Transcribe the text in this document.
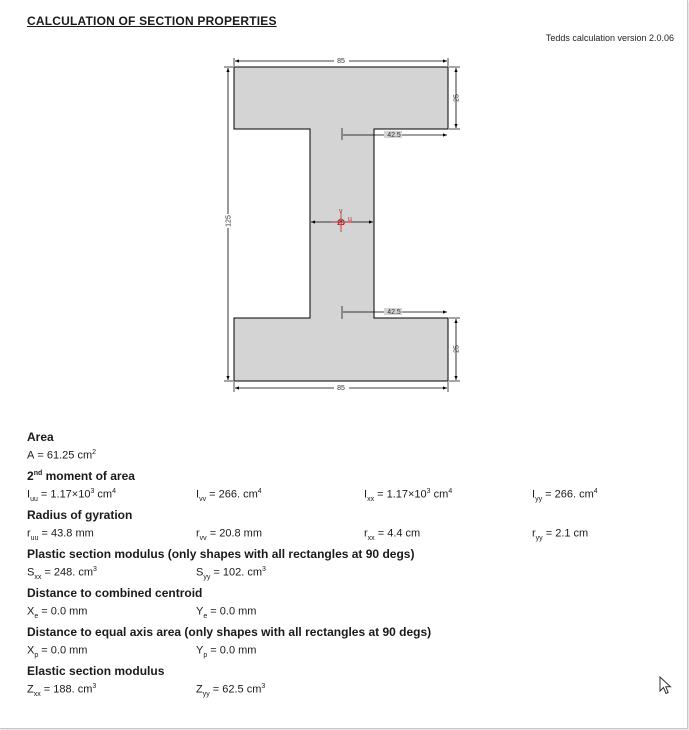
CALCULATION OF SECTION PROPERTIES
Tedds calculation version 2.0.06
85
25
42.5
125	25
v
u
42.5
25
85
Area
A = 61.25 $cm^2$
2nd moment of area
$I_{uu} = 1.17\times 10^3$ $cm^4$	$I_{vv} = 266$. $cm^4$	$I_{xx} = 1.17\times 10^3$ $cm^4$	$I_{yy} = 266$. $cm^4$
Radius of gyration
$r_{uu} = 43.8$ mm	$r_{vv} = 20.8$ mm	$r_{xx} = 4.4$ cm	$r_{yy} = 2.1$ cm
Plastic section modulus (only shapes with all rectangles at 90 degs)
$S_{xx} = 248$. $cm^3$	$S_{yy} = 102$. $cm^3$
Distance to combined centroid
$X_e = 0.0$ mm	$Y_e = 0.0$ mm
Distance to equal axis area (only shapes with all rectangles at 90 degs)
$X_p = 0.0$ mm	$Y_p = 0.0$ mm
Elastic section modulus
$Z_{xx} = 188$. $cm^3$	$Z_{yy} = 62.5$ $cm^3$
